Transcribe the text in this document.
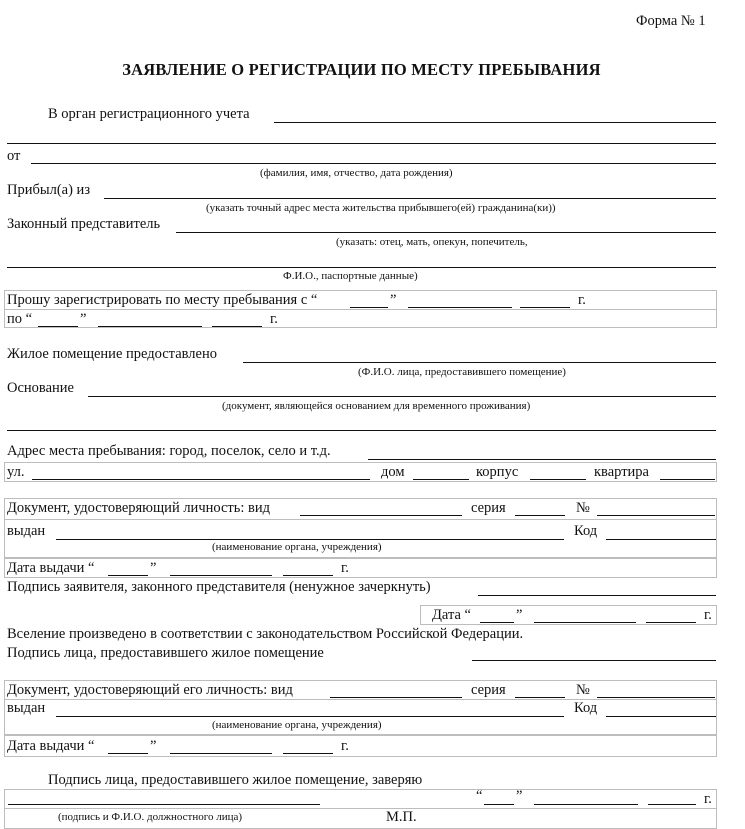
Форма № 1
ЗАЯВЛЕНИЕ О РЕГИСТРАЦИИ ПО МЕСТУ ПРЕБЫВАНИЯ
В орган регистрационного учета
от
(фамилия, имя, отчество, дата рождения)
Прибыл(а) из
(указать точный адрес места жительства прибывшего(ей) гражданина(ки))
Законный представитель
(указать: отец, мать, опекун, попечитель,
Ф.И.О., паспортные данные)
Прошу зарегистрировать по месту пребывания с “	”	г.
по “	”	г.
Жилое помещение предоставлено
(Ф.И.О. лица, предоставившего помещение)
Основание
(документ, являющейся основанием для временного проживания)
Адрес места пребывания: город, поселок, село и т.д.
ул.	дом	корпус	квартира
Документ, удостоверяющий личность: вид	серия	№
выдан	Код
(наименование органа, учреждения)
Дата выдачи “	”	г.
Подпись заявителя, законного представителя (ненужное зачеркнуть)
Дата “	”	г.
Вселение произведено в соответствии с законодательством Российской Федерации.
Подпись лица, предоставившего жилое помещение
Документ, удостоверяющий его личность: вид	серия	№
выдан	Код
(наименование органа, учреждения)
Дата выдачи “	”	г.
Подпись лица, предоставившего жилое помещение, заверяю
“ ”	г.
(подпись и Ф.И.О. должностного лица)	М.П.
